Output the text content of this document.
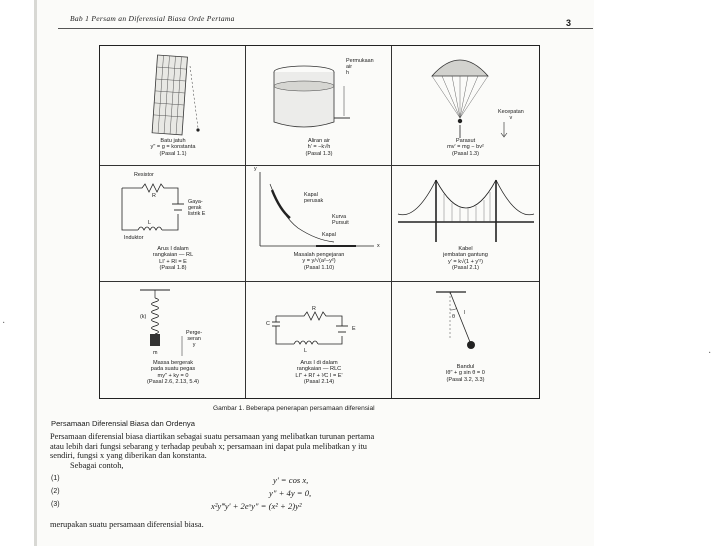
·
·
Bab 1 Persam an Diferensial Biasa Orde Pertama	3
Batu jatuh
y" = g = konstanta
(Pasal 1.1)
Permukaan
air
h
Aliran air
h' = −k√h
(Pasal 1.3)
Kecepatan
v
Parasut
mv' = mg − bv²
(Pasal 1.3)
Resistor
R
Gaya-
gerak
listrik E
L
Induktor
Arus I dalam
rangkaian — RL
LI' + RI = E
(Pasal 1.8)
y
x
Kapal
perusak
Kurva
Pursuit
Kapal
Masalah pengejaran
y = y/√(a²−y²)
(Pasal 1.10)
Kabel
jembatan gantung
y' = k√(1 + y'²)
(Pasal 2.1)
(k)
Perge-
seran
y
m
Massa bergerak
pada suatu pegas
my" + ky = 0
(Pasal 2.6, 2.13, 5.4)
R
C
L
E
Arus I di dalam
rangkaian — RLC
LI" + RI' + ¹⁄C I = E'
(Pasal 2.14)
l
θ
Bandul
lθ" + g sin θ = 0
(Pasal 3.2, 3.3)
Gambar 1. Beberapa penerapan persamaan diferensial
Persamaan Diferensial Biasa dan Ordenya
Persamaan diferensial biasa diartikan sebagai suatu persamaan yang melibatkan turunan pertama
atau lebih dari fungsi sebarang y terhadap peubah x; persamaan ini dapat pula melibatkan y itu
sendiri, fungsi x yang diberikan dan konstanta.
Sebagai contoh,
(1)	y' = cos x,
(2)	y" + 4y = 0,
(3)	x²y‴y' + 2eˣy" = (x² + 2)y²
merupakan suatu persamaan diferensial biasa.
